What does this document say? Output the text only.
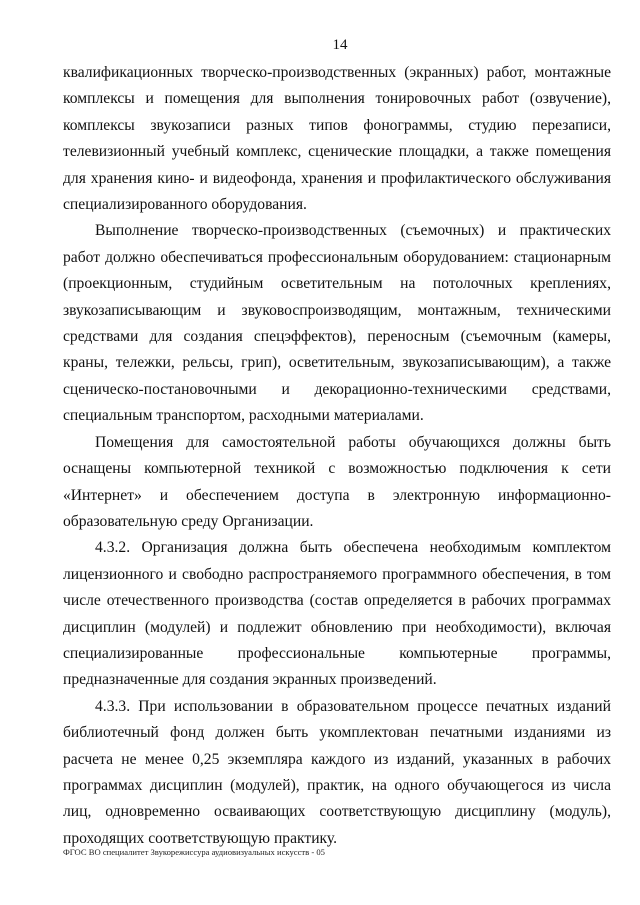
14

квалификационных творческо-производственных (экранных) работ, монтажные комплексы и помещения для выполнения тонировочных работ (озвучение), комплексы звукозаписи разных типов фонограммы, студию перезаписи, телевизионный учебный комплекс, сценические площадки, а также помещения для хранения кино- и видеофонда, хранения и профилактического обслуживания специализированного оборудования.

Выполнение творческо-производственных (съемочных) и практических работ должно обеспечиваться профессиональным оборудованием: стационарным (проекционным, студийным осветительным на потолочных креплениях, звукозаписывающим и звуковоспроизводящим, монтажным, техническими средствами для создания спецэффектов), переносным (съемочным (камеры, краны, тележки, рельсы, грип), осветительным, звукозаписывающим), а также сценическо-постановочными и декорационно-техническими средствами, специальным транспортом, расходными материалами.

Помещения для самостоятельной работы обучающихся должны быть оснащены компьютерной техникой с возможностью подключения к сети «Интернет» и обеспечением доступа в электронную информационно-образовательную среду Организации.

4.3.2. Организация должна быть обеспечена необходимым комплектом лицензионного и свободно распространяемого программного обеспечения, в том числе отечественного производства (состав определяется в рабочих программах дисциплин (модулей) и подлежит обновлению при необходимости), включая специализированные профессиональные компьютерные программы, предназначенные для создания экранных произведений.

4.3.3. При использовании в образовательном процессе печатных изданий библиотечный фонд должен быть укомплектован печатными изданиями из расчета не менее 0,25 экземпляра каждого из изданий, указанных в рабочих программах дисциплин (модулей), практик, на одного обучающегося из числа лиц, одновременно осваивающих соответствующую дисциплину (модуль), проходящих соответствующую практику.

ФГОС ВО специалитет Звукорежиссура аудиовизуальных искусств - 05
